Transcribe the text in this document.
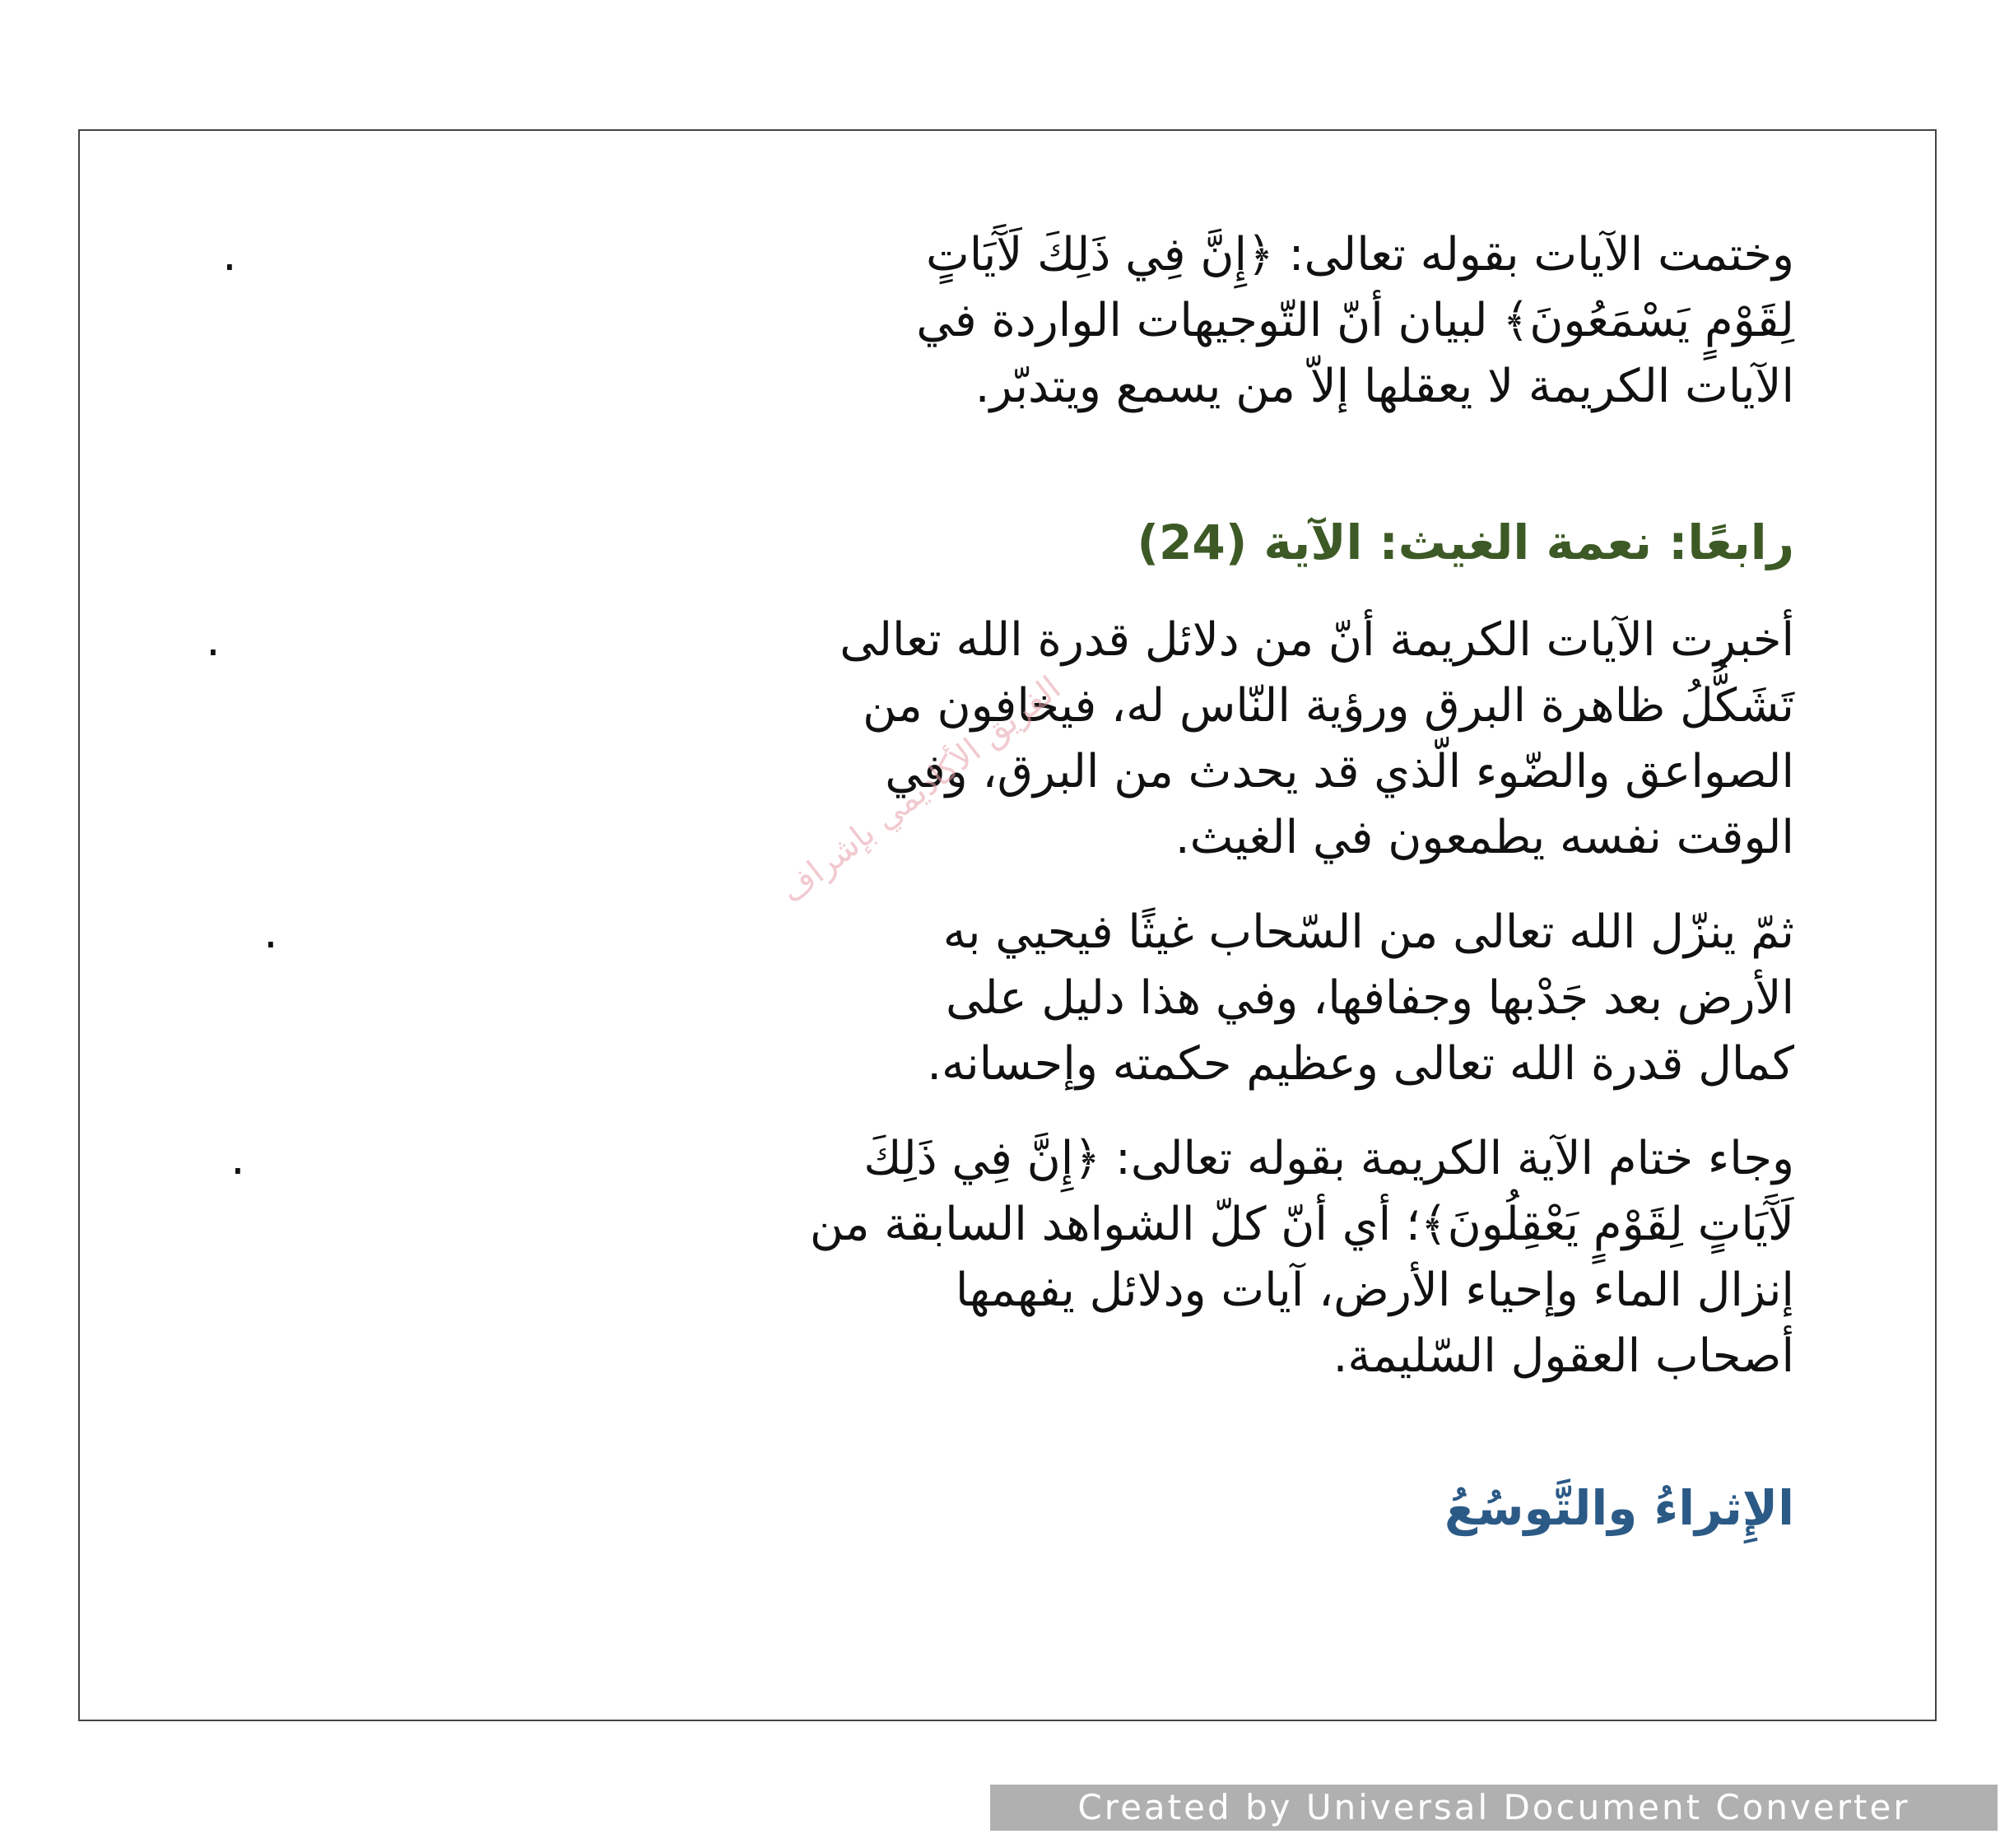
.	وختمت الآيات بقوله تعالى: ﴿إِنَّ فِي ذَلِكَ لَآَيَاتٍ
لِقَوْمٍ يَسْمَعُونَ﴾ لبيان أنّ التّوجيهات الواردة في
الآيات الكريمة لا يعقلها إلاّ من يسمع ويتدبّر.
رابعًا: نعمة الغيث: الآية (24)
.	أخبرت الآيات الكريمة أنّ من دلائل قدرة الله تعالى
تَشَكُّلُ ظاهرة البرق ورؤية النّاس له، فيخافون من
الصواعق والضّوء الّذي قد يحدث من البرق، وفي
الوقت نفسه يطمعون في الغيث.
.	ثمّ ينزّل الله تعالى من السّحاب غيثًا فيحيي به
الأرض بعد جَدْبها وجفافها، وفي هذا دليل على
كمال قدرة الله تعالى وعظيم حكمته وإحسانه.
.	وجاء ختام الآية الكريمة بقوله تعالى: ﴿إِنَّ فِي ذَلِكَ
لَآَيَاتٍ لِقَوْمٍ يَعْقِلُونَ﴾؛ أي أنّ كلّ الشواهد السابقة من
إنزال الماء وإحياء الأرض، آيات ودلائل يفهمها
أصحاب العقول السّليمة.
الإِثراءُ والتَّوسُعُ
الفريق الأكاديمي بإشراف
Created by Universal Document Converter
